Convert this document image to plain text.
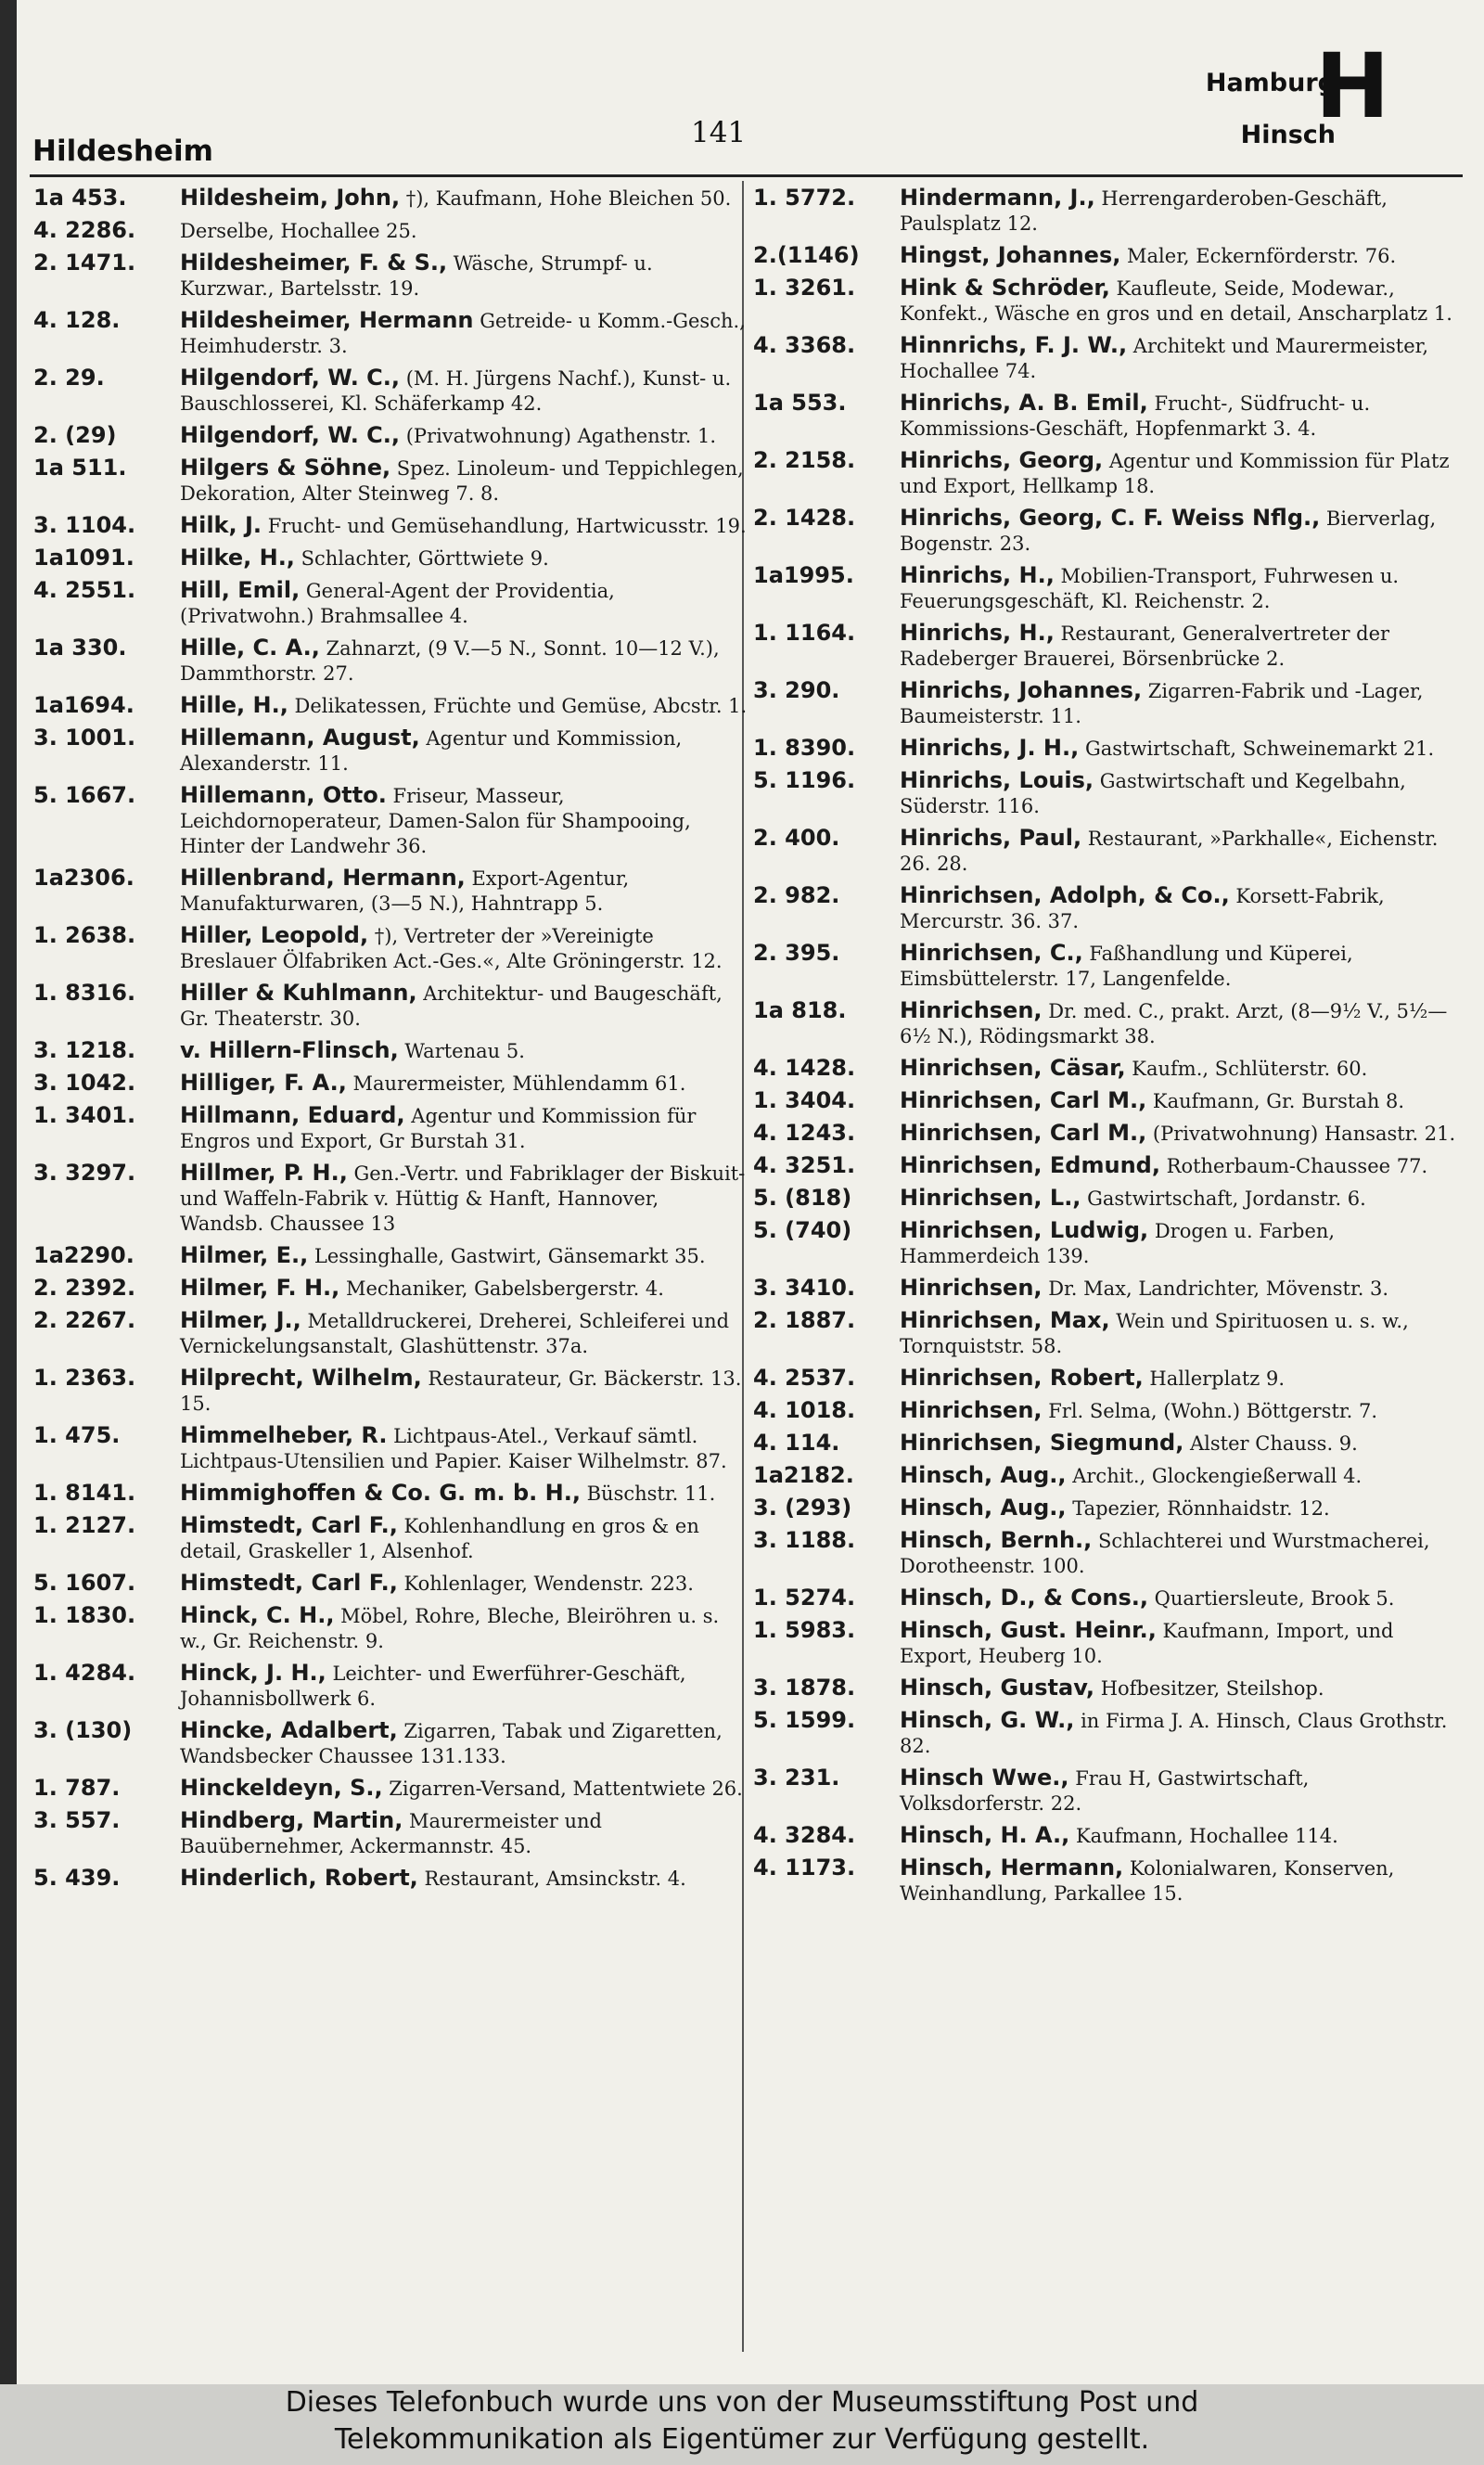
Hildesheim
141
Hamburg
Hinsch
H
1a 453.	Hildesheim, John, †), Kaufmann, Hohe Bleichen 50.
4. 2286.	Derselbe, Hochallee 25.
2. 1471.	Hildesheimer, F. & S., Wäsche, Strumpf- u. Kurzwar., Bartelsstr. 19.
4. 128.	Hildesheimer, Hermann Getreide- u Komm.-Gesch., Heimhuderstr. 3.
2. 29.	Hilgendorf, W. C., (M. H. Jürgens Nachf.), Kunst- u. Bauschlosserei, Kl. Schäferkamp 42.
2. (29)	Hilgendorf, W. C., (Privatwohnung) Agathenstr. 1.
1a 511.	Hilgers & Söhne, Spez. Linoleum- und Teppichlegen, Dekoration, Alter Steinweg 7. 8.
3. 1104.	Hilk, J. Frucht- und Gemüsehandlung, Hartwicusstr. 19.
1a1091.	Hilke, H., Schlachter, Görttwiete 9.
4. 2551.	Hill, Emil, General-Agent der Providentia, (Privatwohn.) Brahmsallee 4.
1a 330.	Hille, C. A., Zahnarzt, (9 V.—5 N., Sonnt. 10—12 V.), Dammthorstr. 27.
1a1694.	Hille, H., Delikatessen, Früchte und Gemüse, Abcstr. 1.
3. 1001.	Hillemann, August, Agentur und Kommission, Alexanderstr. 11.
5. 1667.	Hillemann, Otto. Friseur, Masseur, Leichdornoperateur, Damen-Salon für Shampooing, Hinter der Landwehr 36.
1a2306.	Hillenbrand, Hermann, Export-Agentur, Manufakturwaren, (3—5 N.), Hahntrapp 5.
1. 2638.	Hiller, Leopold, †), Vertreter der »Vereinigte Breslauer Ölfabriken Act.-Ges.«, Alte Gröningerstr. 12.
1. 8316.	Hiller & Kuhlmann, Architektur- und Baugeschäft, Gr. Theaterstr. 30.
3. 1218.	v. Hillern-Flinsch, Wartenau 5.
3. 1042.	Hilliger, F. A., Maurermeister, Mühlendamm 61.
1. 3401.	Hillmann, Eduard, Agentur und Kommission für Engros und Export, Gr Burstah 31.
3. 3297.	Hillmer, P. H., Gen.-Vertr. und Fabriklager der Biskuit- und Waffeln-Fabrik v. Hüttig & Hanft, Hannover, Wandsb. Chaussee 13
1a2290.	Hilmer, E., Lessinghalle, Gastwirt, Gänsemarkt 35.
2. 2392.	Hilmer, F. H., Mechaniker, Gabelsbergerstr. 4.
2. 2267.	Hilmer, J., Metalldruckerei, Dreherei, Schleiferei und Vernickelungsanstalt, Glashüttenstr. 37a.
1. 2363.	Hilprecht, Wilhelm, Restaurateur, Gr. Bäckerstr. 13. 15.
1. 475.	Himmelheber, R. Lichtpaus-Atel., Verkauf sämtl. Lichtpaus-Utensilien und Papier. Kaiser Wilhelmstr. 87.
1. 8141.	Himmighoffen & Co. G. m. b. H., Büschstr. 11.
1. 2127.	Himstedt, Carl F., Kohlenhandlung en gros & en detail, Graskeller 1, Alsenhof.
5. 1607.	Himstedt, Carl F., Kohlenlager, Wendenstr. 223.
1. 1830.	Hinck, C. H., Möbel, Rohre, Bleche, Bleiröhren u. s. w., Gr. Reichenstr. 9.
1. 4284.	Hinck, J. H., Leichter- und Ewerführer-Geschäft, Johannisbollwerk 6.
3. (130)	Hincke, Adalbert, Zigarren, Tabak und Zigaretten, Wandsbecker Chaussee 131.133.
1. 787.	Hinckeldeyn, S., Zigarren-Versand, Mattentwiete 26.
3. 557.	Hindberg, Martin, Maurermeister und Bauübernehmer, Ackermannstr. 45.
5. 439.	Hinderlich, Robert, Restaurant, Amsinckstr. 4.
1. 5772.	Hindermann, J., Herrengarderoben-Geschäft, Paulsplatz 12.
2.(1146)	Hingst, Johannes, Maler, Eckernförderstr. 76.
1. 3261.	Hink & Schröder, Kaufleute, Seide, Modewar., Konfekt., Wäsche en gros und en detail, Anscharplatz 1.
4. 3368.	Hinnrichs, F. J. W., Architekt und Maurermeister, Hochallee 74.
1a 553.	Hinrichs, A. B. Emil, Frucht-, Südfrucht- u. Kommissions-Geschäft, Hopfenmarkt 3. 4.
2. 2158.	Hinrichs, Georg, Agentur und Kommission für Platz und Export, Hellkamp 18.
2. 1428.	Hinrichs, Georg, C. F. Weiss Nflg., Bierverlag, Bogenstr. 23.
1a1995.	Hinrichs, H., Mobilien-Transport, Fuhrwesen u. Feuerungsgeschäft, Kl. Reichenstr. 2.
1. 1164.	Hinrichs, H., Restaurant, Generalvertreter der Radeberger Brauerei, Börsenbrücke 2.
3. 290.	Hinrichs, Johannes, Zigarren-Fabrik und -Lager, Baumeisterstr. 11.
1. 8390.	Hinrichs, J. H., Gastwirtschaft, Schweinemarkt 21.
5. 1196.	Hinrichs, Louis, Gastwirtschaft und Kegelbahn, Süderstr. 116.
2. 400.	Hinrichs, Paul, Restaurant, »Parkhalle«, Eichenstr. 26. 28.
2. 982.	Hinrichsen, Adolph, & Co., Korsett-Fabrik, Mercurstr. 36. 37.
2. 395.	Hinrichsen, C., Faßhandlung und Küperei, Eimsbüttelerstr. 17, Langenfelde.
1a 818.	Hinrichsen, Dr. med. C., prakt. Arzt, (8—9½ V., 5½—6½ N.), Rödingsmarkt 38.
4. 1428.	Hinrichsen, Cäsar, Kaufm., Schlüterstr. 60.
1. 3404.	Hinrichsen, Carl M., Kaufmann, Gr. Burstah 8.
4. 1243.	Hinrichsen, Carl M., (Privatwohnung) Hansastr. 21.
4. 3251.	Hinrichsen, Edmund, Rotherbaum-Chaussee 77.
5. (818)	Hinrichsen, L., Gastwirtschaft, Jordanstr. 6.
5. (740)	Hinrichsen, Ludwig, Drogen u. Farben, Hammerdeich 139.
3. 3410.	Hinrichsen, Dr. Max, Landrichter, Mövenstr. 3.
2. 1887.	Hinrichsen, Max, Wein und Spirituosen u. s. w., Tornquiststr. 58.
4. 2537.	Hinrichsen, Robert, Hallerplatz 9.
4. 1018.	Hinrichsen, Frl. Selma, (Wohn.) Böttgerstr. 7.
4. 114.	Hinrichsen, Siegmund, Alster Chauss. 9.
1a2182.	Hinsch, Aug., Archit., Glockengießerwall 4.
3. (293)	Hinsch, Aug., Tapezier, Rönnhaidstr. 12.
3. 1188.	Hinsch, Bernh., Schlachterei und Wurstmacherei, Dorotheenstr. 100.
1. 5274.	Hinsch, D., & Cons., Quartiersleute, Brook 5.
1. 5983.	Hinsch, Gust. Heinr., Kaufmann, Import, und Export, Heuberg 10.
3. 1878.	Hinsch, Gustav, Hofbesitzer, Steilshop.
5. 1599.	Hinsch, G. W., in Firma J. A. Hinsch, Claus Grothstr. 82.
3. 231.	Hinsch Wwe., Frau H, Gastwirtschaft, Volksdorferstr. 22.
4. 3284.	Hinsch, H. A., Kaufmann, Hochallee 114.
4. 1173.	Hinsch, Hermann, Kolonialwaren, Konserven, Weinhandlung, Parkallee 15.
Dieses Telefonbuch wurde uns von der Museumsstiftung Post und
Telekommunikation als Eigentümer zur Verfügung gestellt.
